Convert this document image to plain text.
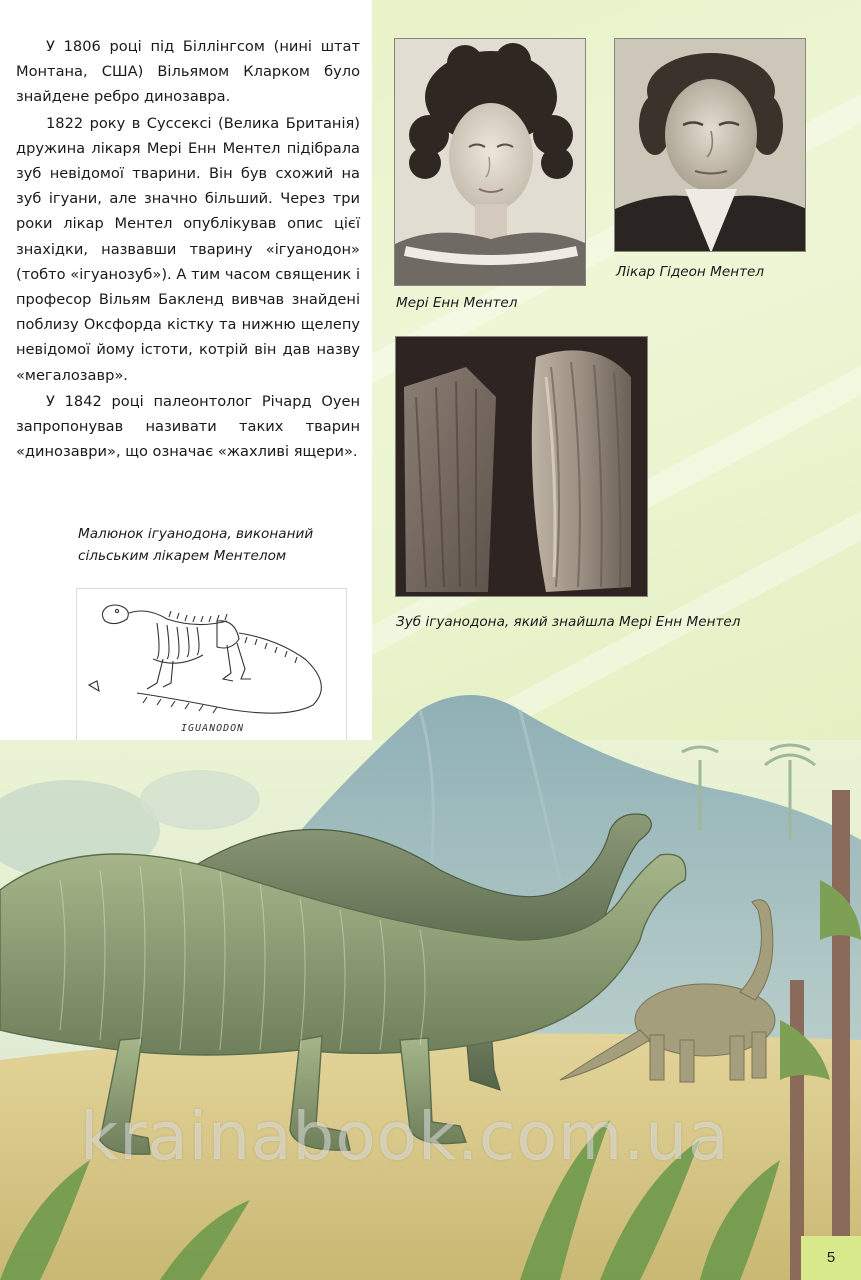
У 1806 році під Біллінгсом (нині штат Монтана, США) Вільямом Кларком було знайдене ребро динозавра.

1822 року в Суссексі (Велика Британія) дружина лікаря Мері Енн Ментел підібрала зуб невідомої тварини. Він був схожий на зуб ігуани, але значно більший. Через три роки лікар Ментел опублікував опис цієї знахідки, назвавши тварину «ігуанодон» (тобто «ігуанозуб»). А тим часом священик і професор Вільям Бакленд вивчав знайдені поблизу Оксфорда кістку та нижню щелепу невідомої йому істоти, котрій він дав назву «мегалозавр».

У 1842 році палеонтолог Річард Оуен запропонував називати таких тварин «динозаври», що означає «жахливі ящери».

Мері Енн Ментел
Лікар Гідеон Ментел
Зуб ігуанодона, який знайшла Мері Енн Ментел
Малюнок ігуанодона, виконаний
сільським лікарем Ментелом
IGUANODON
krainabook.com.ua
5
